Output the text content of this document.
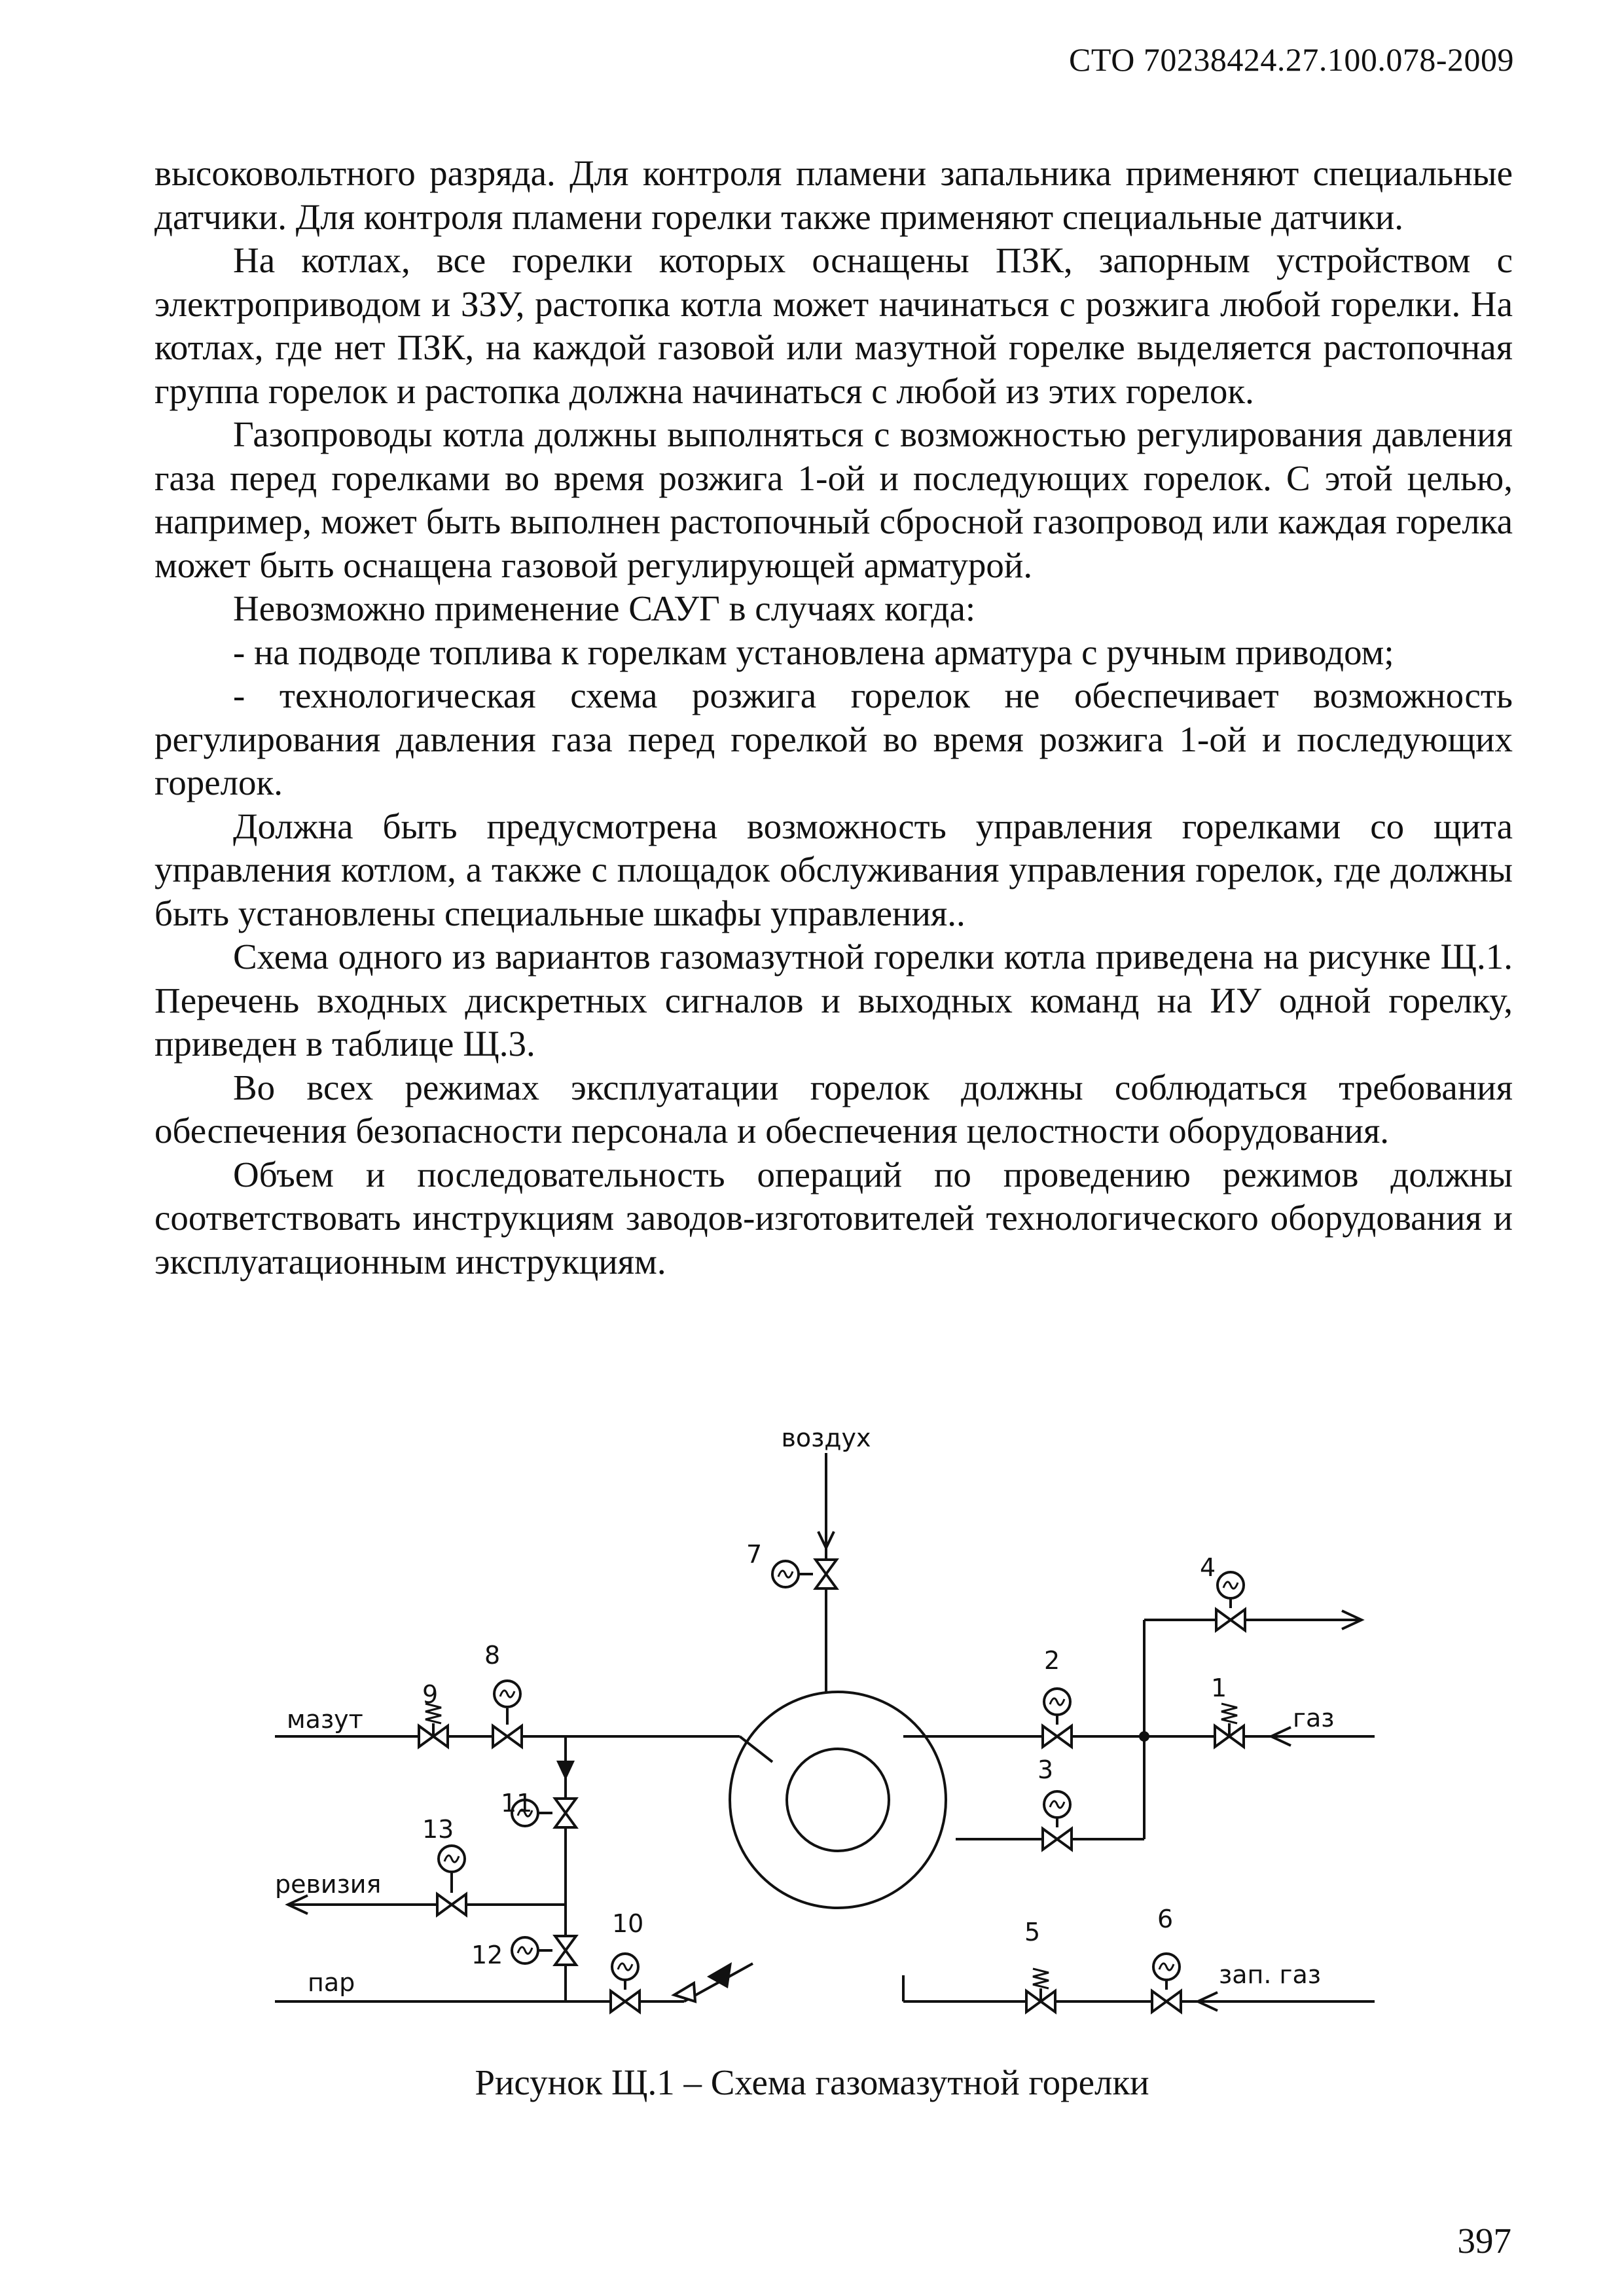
СТО 70238424.27.100.078-2009

высоковольтного разряда. Для контроля пламени запальника применяют специальные датчики. Для контроля пламени горелки также применяют специальные датчики.

На котлах, все горелки которых оснащены ПЗК, запорным устройством с электроприводом и ЗЗУ, растопка котла может начинаться с розжига любой горелки. На котлах, где нет ПЗК, на каждой газовой или мазутной горелке выделяется растопочная группа горелок и растопка должна начинаться с любой из этих горелок.

Газопроводы котла должны выполняться с возможностью регулирования давления газа перед горелками во время розжига 1-ой и последующих горелок. С этой целью, например, может быть выполнен растопочный сбросной газопровод или каждая горелка может быть оснащена газовой регулирующей арматурой.

Невозможно применение САУГ в случаях когда:

- на подводе топлива к горелкам установлена арматура с ручным приводом;

- технологическая схема розжига горелок не обеспечивает возможность регулирования давления газа перед горелкой во время розжига 1-ой и последующих горелок.

Должна быть предусмотрена возможность управления горелками со щита управления котлом, а также с площадок обслуживания управления горелок, где должны быть установлены специальные шкафы управления..

Схема одного из вариантов газомазутной горелки котла приведена на рисунке Щ.1. Перечень входных дискретных сигналов и выходных команд на ИУ одной горелку, приведен в таблице Щ.3.

Во всех режимах эксплуатации горелок должны соблюдаться требования обеспечения безопасности персонала и обеспечения целостности оборудования.

Объем и последовательность операций по проведению режимов должны соответствовать инструкциям заводов-изготовителей технологического оборудования и эксплуатационным инструкциям.

воздух
мазут	газ
ревизия
пар	зап. газ
1
2
3
4
5	6
7
8
9
10
11
12
13
Рисунок Щ.1 – Схема газомазутной горелки
397
